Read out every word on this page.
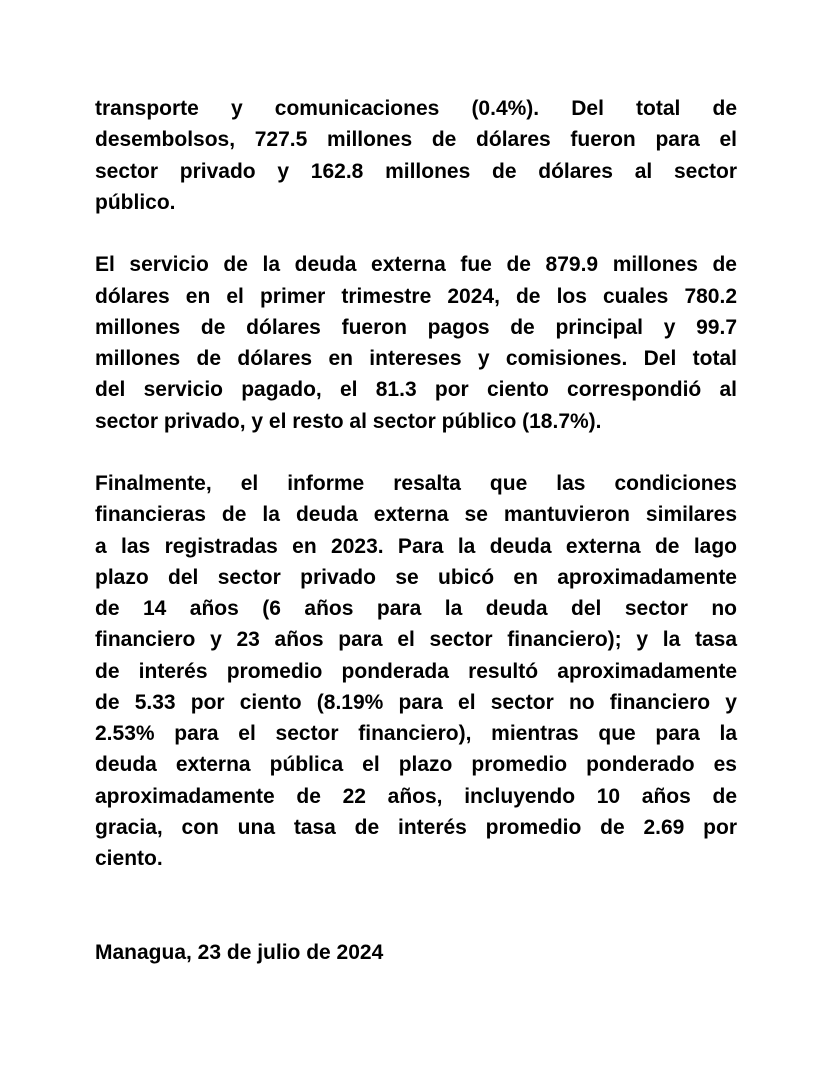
transporte y comunicaciones (0.4%). Del total de
desembolsos, 727.5 millones de dólares fueron para el
sector privado y 162.8 millones de dólares al sector
público.
El servicio de la deuda externa fue de 879.9 millones de
dólares en el primer trimestre 2024, de los cuales 780.2
millones de dólares fueron pagos de principal y 99.7
millones de dólares en intereses y comisiones. Del total
del servicio pagado, el 81.3 por ciento correspondió al
sector privado, y el resto al sector público (18.7%).
Finalmente, el informe resalta que las condiciones
financieras de la deuda externa se mantuvieron similares
a las registradas en 2023. Para la deuda externa de lago
plazo del sector privado se ubicó en aproximadamente
de 14 años (6 años para la deuda del sector no
financiero y 23 años para el sector financiero); y la tasa
de interés promedio ponderada resultó aproximadamente
de 5.33 por ciento (8.19% para el sector no financiero y
2.53% para el sector financiero), mientras que para la
deuda externa pública el plazo promedio ponderado es
aproximadamente de 22 años, incluyendo 10 años de
gracia, con una tasa de interés promedio de 2.69 por
ciento.

Managua, 23 de julio de 2024
